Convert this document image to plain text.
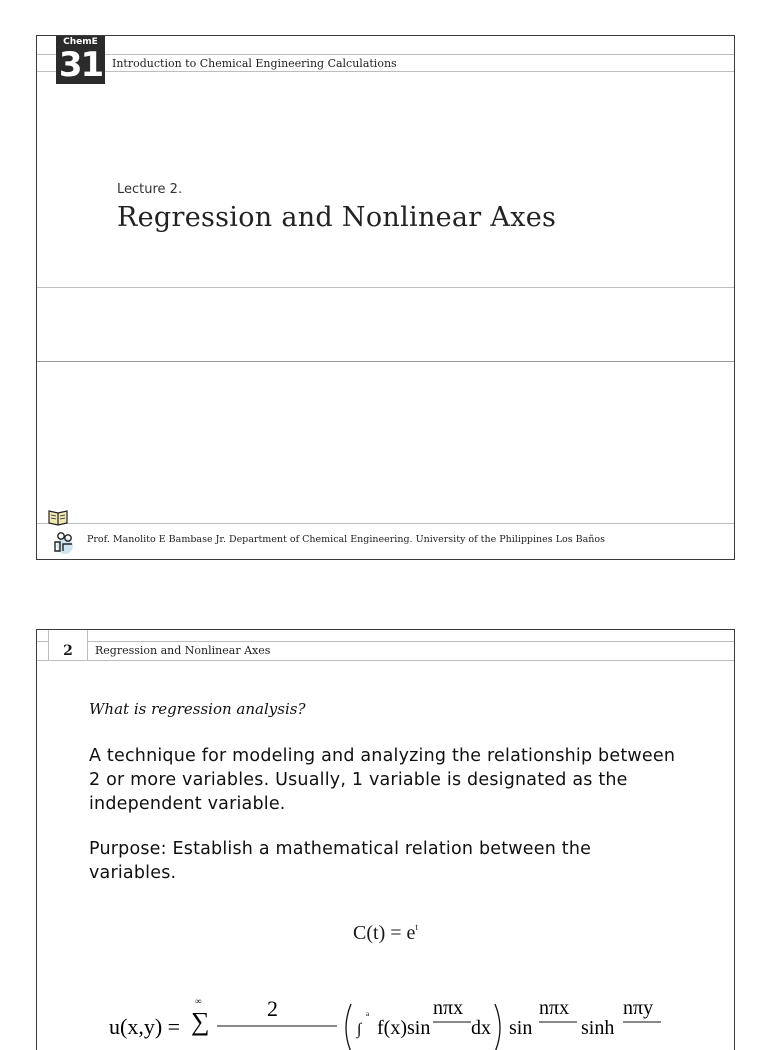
ChemE
31 Introduction to Chemical Engineering Calculations
Lecture 2.
Regression and Nonlinear Axes
Prof. Manolito E Bambase Jr. Department of Chemical Engineering. University of the Philippines Los Baños
2	Regression and Nonlinear Axes
What is regression analysis?
A technique for modeling and analyzing the relationship between 2 or more variables. Usually, 1 variable is designated as the independent variable.
Purpose: Establish a mathematical relation between the variables.
$C(t) = e^t$
u(x,y) = ∑
∞	2
∫
a
f(x)sin
nπx
dx sin
nπx
sinh
nπy
